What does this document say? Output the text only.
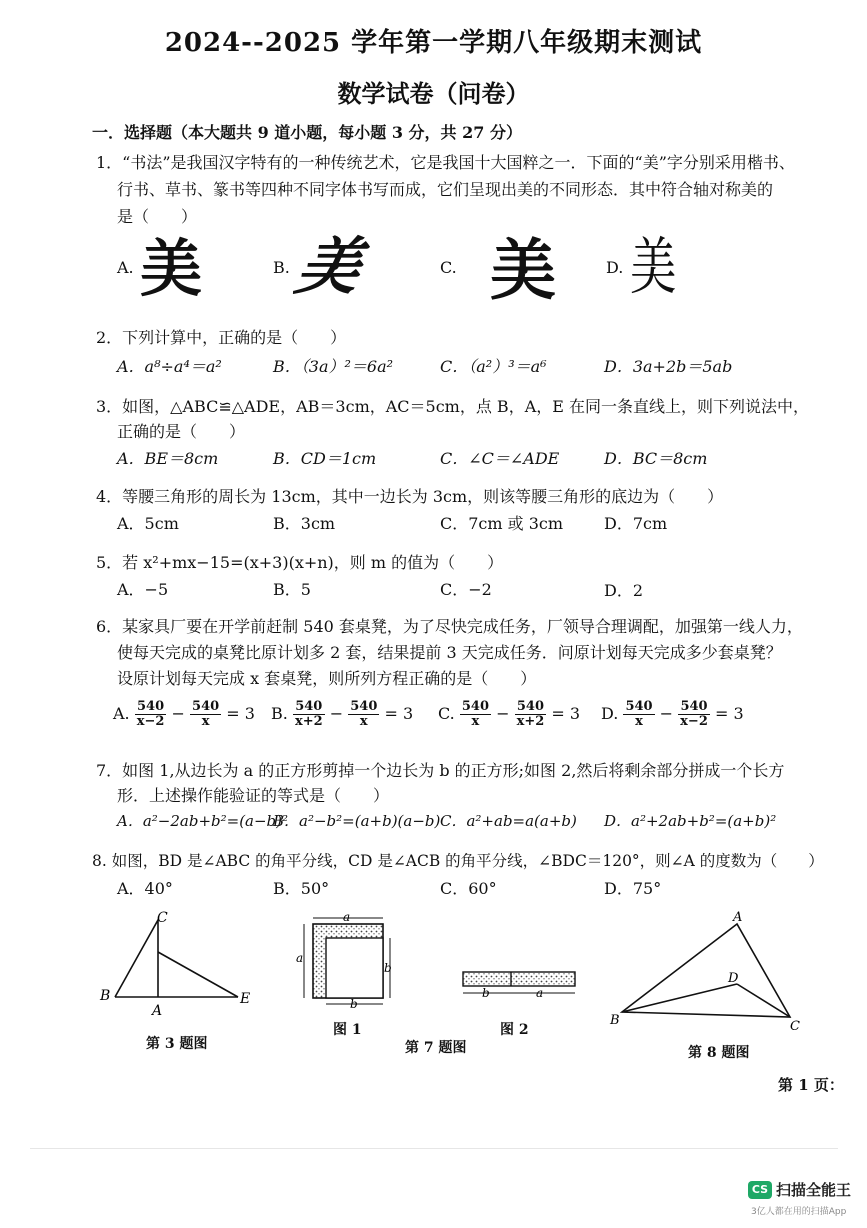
2024--2025 学年第一学期八年级期末测试
数学试卷（问卷）
一．选择题（本大题共 9 道小题，每小题 3 分，共 27 分）
1．“书法”是我国汉字特有的一种传统艺术，它是我国十大国粹之一．下面的“美”字分别采用楷书、
行书、草书、篆书等四种不同字体书写而成，它们呈现出美的不同形态．其中符合轴对称美的
是（　　）
A. 美	B. 美	C. 美	D. 美
2．下列计算中，正确的是（　　）
A．a⁸÷a⁴＝a²	B．（3a）²＝6a²	C．（a²）³＝a⁶	D．3a+2b＝5ab
3．如图，△ABC≌△ADE，AB＝3cm，AC＝5cm，点 B，A，E 在同一条直线上，则下列说法中，
正确的是（　　）
A．BE＝8cm	B．CD＝1cm	C．∠C＝∠ADE	D．BC＝8cm
4．等腰三角形的周长为 13cm，其中一边长为 3cm，则该等腰三角形的底边为（　　）
A．5cm	B．3cm	C．7cm 或 3cm	D．7cm
5．若 x²+mx−15=(x+3)(x+n)，则 m 的值为（　　）
A．−5	B．5	C．−2	D．2
6．某家具厂要在开学前赶制 540 套桌凳，为了尽快完成任务，厂领导合理调配，加强第一线人力，
使每天完成的桌凳比原计划多 2 套，结果提前 3 天完成任务．问原计划每天完成多少套桌凳？
设原计划每天完成 x 套桌凳，则所列方程正确的是（　　）
A. $\frac{540}{x-2} - \frac{540}{x} = 3$ B. $\frac{540}{x+2} - \frac{540}{x} = 3$ C. $\frac{540}{x} - \frac{540}{x+2} = 3$ D. $\frac{540}{x} - \frac{540}{x-2} = 3$
7．如图 1,从边长为 a 的正方形剪掉一个边长为 b 的正方形;如图 2,然后将剩余部分拼成一个长方
形．上述操作能验证的等式是（　　）
A．a²−2ab+b²=(a−b)²
B．a²−b²=(a+b)(a−b) C．a²+ab=a(a+b) D．a²+2ab+b²=(a+b)²
8. 如图，BD 是∠ABC 的角平分线，CD 是∠ACB 的角平分线，∠BDC＝120°，则∠A 的度数为（　　）
A．40°	B．50°	C．60°	D．75°
C
B
A
E
a
a
b
b
b	a
A
B	C
D
第 3 题图
图 1	图 2
第 7 题图	第 8 题图
第 1 页：
CS 扫描全能王
3亿人都在用的扫描App
